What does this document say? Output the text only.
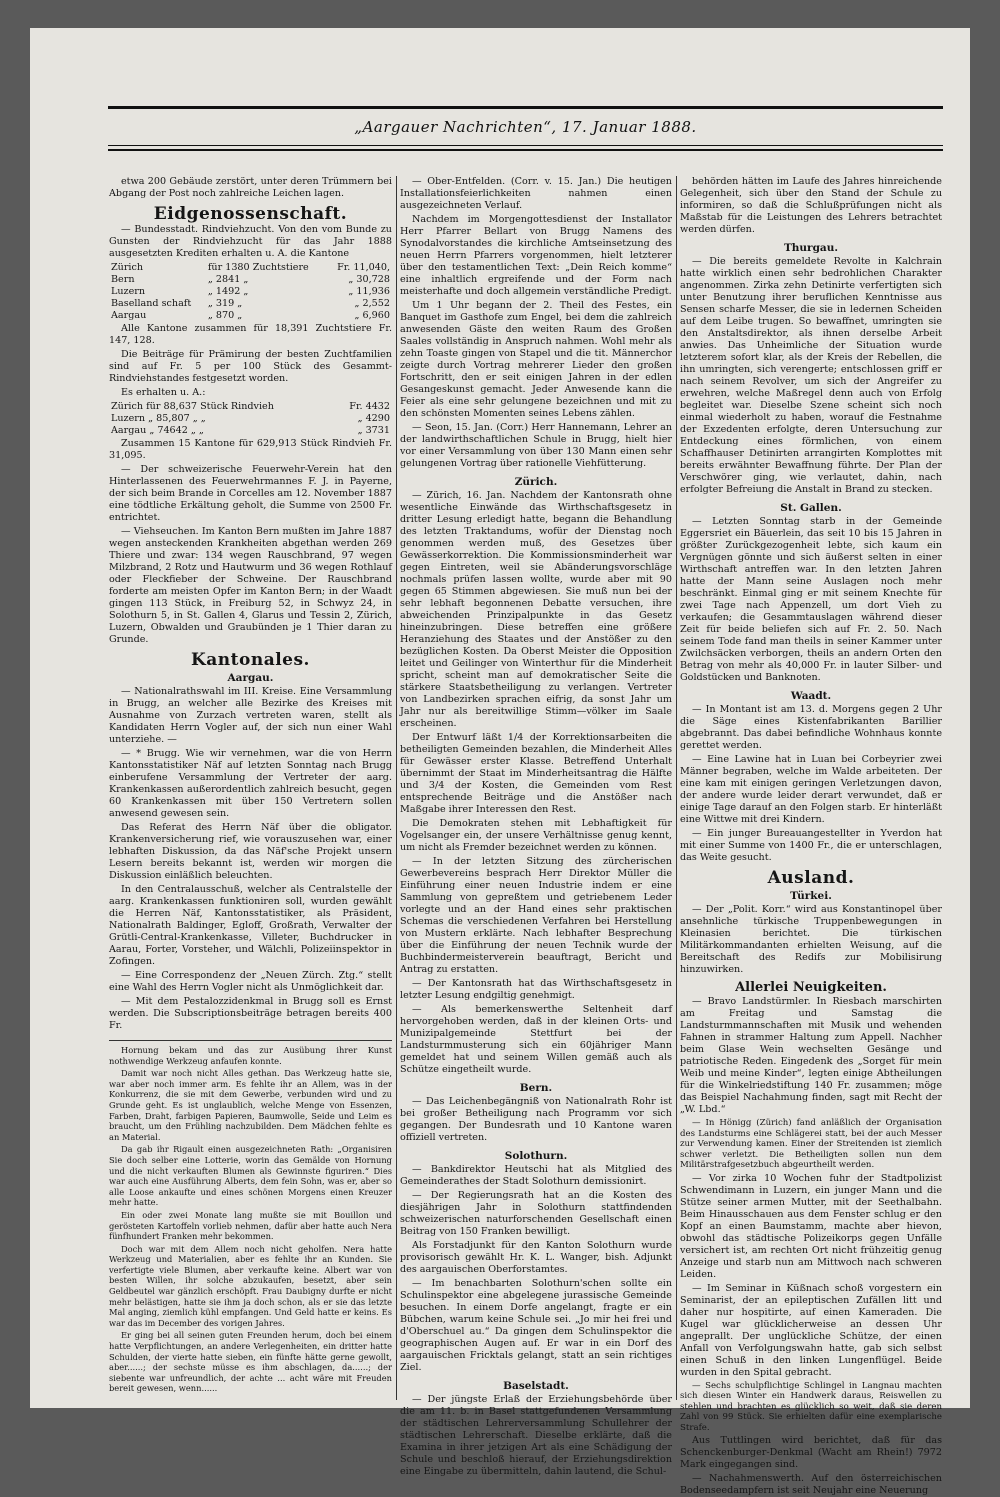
„Aargauer Nachrichten“, 17. Januar 1888.

etwa 200 Gebäude zerstört, unter deren Trümmern bei Abgang der Post noch zahlreiche Leichen lagen.

Eidgenossenschaft.

— Bundesstadt. Rindviehzucht. Von den vom Bunde zu Gunsten der Rindviehzucht für das Jahr 1888 ausgesetzten Krediten erhalten u. A. die Kantone

Zürich	für 1380 Zuchtstiere	Fr. 11,040,
Bern	„ 2841 „	„ 30,728
Luzern	„ 1492 „	„ 11,936
Baselland schaft	„ 319 „	„ 2,552
Aargau	„ 870 „	„ 6,960

Alle Kantone zusammen für 18,391 Zuchtstiere Fr. 147, 128.

Die Beiträge für Prämirung der besten Zuchtfamilien sind auf Fr. 5 per 100 Stück des Gesammt-Rindviehstandes festgesetzt worden.

Es erhalten u. A.:

Zürich für 88,637 Stück Rindvieh	Fr. 4432
Luzern „ 85,807 „ „	„ 4290
Aargau „ 74642 „ „	„ 3731

Zusammen 15 Kantone für 629,913 Stück Rindvieh Fr. 31,095.

— Der schweizerische Feuerwehr-Verein hat den Hinterlassenen des Feuerwehrmannes F. J. in Payerne, der sich beim Brande in Corcelles am 12. November 1887 eine tödtliche Erkältung geholt, die Summe von 2500 Fr. entrichtet.

— Viehseuchen. Im Kanton Bern mußten im Jahre 1887 wegen ansteckenden Krankheiten abgethan werden 269 Thiere und zwar: 134 wegen Rauschbrand, 97 wegen Milzbrand, 2 Rotz und Hautwurm und 36 wegen Rothlauf oder Fleckfieber der Schweine. Der Rauschbrand forderte am meisten Opfer im Kanton Bern; in der Waadt gingen 113 Stück, in Freiburg 52, in Schwyz 24, in Solothurn 5, in St. Gallen 4, Glarus und Tessin 2, Zürich, Luzern, Obwalden und Graubünden je 1 Thier daran zu Grunde.

Kantonales.
Aargau.

— Nationalrathswahl im III. Kreise. Eine Versammlung in Brugg, an welcher alle Bezirke des Kreises mit Ausnahme von Zurzach vertreten waren, stellt als Kandidaten Herrn Vogler auf, der sich nun einer Wahl unterziehe. —

— * Brugg. Wie wir vernehmen, war die von Herrn Kantonsstatistiker Näf auf letzten Sonntag nach Brugg einberufene Versammlung der Vertreter der aarg. Krankenkassen außerordentlich zahlreich besucht, gegen 60 Krankenkassen mit über 150 Vertretern sollen anwesend gewesen sein.

Das Referat des Herrn Näf über die obligator. Krankenversicherung rief, wie vorauszusehen war, einer lebhaften Diskussion, da das Näf'sche Projekt unsern Lesern bereits bekannt ist, werden wir morgen die Diskussion einläßlich beleuchten.

In den Centralausschuß, welcher als Centralstelle der aarg. Krankenkassen funktioniren soll, wurden gewählt die Herren Näf, Kantonsstatistiker, als Präsident, Nationalrath Baldinger, Egloff, Großrath, Verwalter der Grütli-Central-Krankenkasse, Villeter, Buchdrucker in Aarau, Forter, Vorsteher, und Wälchli, Polizeiinspektor in Zofingen.

— Eine Correspondenz der „Neuen Zürch. Ztg.“ stellt eine Wahl des Herrn Vogler nicht als Unmöglichkeit dar.

— Mit dem Pestalozzidenkmal in Brugg soll es Ernst werden. Die Subscriptionsbeiträge betragen bereits 400 Fr.

Hornung bekam und das zur Ausübung ihrer Kunst nothwendige Werkzeug anfaufen konnte.

Damit war noch nicht Alles gethan. Das Werkzeug hatte sie, war aber noch immer arm. Es fehlte ihr an Allem, was in der Konkurrenz, die sie mit dem Gewerbe, verbunden wird und zu Grunde geht. Es ist unglaublich, welche Menge von Essenzen, Farben, Draht, farbigen Papieren, Baumwolle, Seide und Leim es braucht, um den Frühling nachzubilden. Dem Mädchen fehlte es an Material.

Da gab ihr Rigault einen ausgezeichneten Rath: „Organisiren Sie doch selber eine Lotterie, worin das Gemälde von Hornung und die nicht verkauften Blumen als Gewinnste figuriren.“ Dies war auch eine Ausführung Alberts, dem fein Sohn, was er, aber so alle Loose ankaufte und eines schönen Morgens einen Kreuzer mehr hatte.

Ein oder zwei Monate lang mußte sie mit Bouillon und gerösteten Kartoffeln vorlieb nehmen, dafür aber hatte auch Nera fünfhundert Franken mehr bekommen.

Doch war mit dem Allem noch nicht geholfen. Nera hatte Werkzeug und Materialien, aber es fehlte ihr an Kunden. Sie verfertigte viele Blumen, aber verkaufte keine. Albert war von besten Willen, ihr solche abzukaufen, besetzt, aber sein Geldbeutel war gänzlich erschöpft. Frau Daubigny durfte er nicht mehr belästigen, hatte sie ihm ja doch schon, als er sie das letzte Mal anging, ziemlich kühl empfangen. Und Geld hatte er keins. Es war das im December des vorigen Jahres.

Er ging bei all seinen guten Freunden herum, doch bei einem hatte Verpflichtungen, an andere Verlegenheiten, ein dritter hatte Schulden, der vierte hatte sieben, ein fünfte hätte gerne gewollt, aber......; der sechste müsse es ihm abschlagen, da......; der siebente war unfreundlich, der achte ... acht wäre mit Freuden bereit gewesen, wenn......

— Ober-Entfelden. (Corr. v. 15. Jan.) Die heutigen Installationsfeierlichkeiten nahmen einen ausgezeichneten Verlauf.

Nachdem im Morgengottesdienst der Installator Herr Pfarrer Bellart von Brugg Namens des Synodalvorstandes die kirchliche Amtseinsetzung des neuen Herrn Pfarrers vorgenommen, hielt letzterer über den testamentlichen Text: „Dein Reich komme“ eine inhaltlich ergreifende und der Form nach meisterhafte und doch allgemein verständliche Predigt.

Um 1 Uhr begann der 2. Theil des Festes, ein Banquet im Gasthofe zum Engel, bei dem die zahlreich anwesenden Gäste den weiten Raum des Großen Saales vollständig in Anspruch nahmen. Wohl mehr als zehn Toaste gingen von Stapel und die tit. Männerchor zeigte durch Vortrag mehrerer Lieder den großen Fortschritt, den er seit einigen Jahren in der edlen Gesangeskunst gemacht. Jeder Anwesende kann die Feier als eine sehr gelungene bezeichnen und mit zu den schönsten Momenten seines Lebens zählen.

— Seon, 15. Jan. (Corr.) Herr Hannemann, Lehrer an der landwirthschaftlichen Schule in Brugg, hielt hier vor einer Versammlung von über 130 Mann einen sehr gelungenen Vortrag über rationelle Viehfütterung.

Zürich.

— Zürich, 16. Jan. Nachdem der Kantonsrath ohne wesentliche Einwände das Wirthschaftsgesetz in dritter Lesung erledigt hatte, begann die Behandlung des letzten Traktandums, wofür der Dienstag noch genommen werden muß, des Gesetzes über Gewässerkorrektion. Die Kommissionsminderheit war gegen Eintreten, weil sie Abänderungsvorschläge nochmals prüfen lassen wollte, wurde aber mit 90 gegen 65 Stimmen abgewiesen. Sie muß nun bei der sehr lebhaft begonnenen Debatte versuchen, ihre abweichenden Prinzipalpunkte in das Gesetz hineinzubringen. Diese betreffen eine größere Heranziehung des Staates und der Anstößer zu den bezüglichen Kosten. Da Oberst Meister die Opposition leitet und Geilinger von Winterthur für die Minderheit spricht, scheint man auf demokratischer Seite die stärkere Staatsbetheiligung zu verlangen. Vertreter von Landbezirken sprachen eifrig, da sonst Jahr um Jahr nur als bereitwillige Stimm—völker im Saale erscheinen.

Der Entwurf läßt 1/4 der Korrektionsarbeiten die betheiligten Gemeinden bezahlen, die Minderheit Alles für Gewässer erster Klasse. Betreffend Unterhalt übernimmt der Staat im Minderheitsantrag die Hälfte und 3/4 der Kosten, die Gemeinden vom Rest entsprechende Beiträge und die Anstößer nach Maßgabe ihrer Interessen den Rest.

Die Demokraten stehen mit Lebhaftigkeit für Vogelsanger ein, der unsere Verhältnisse genug kennt, um nicht als Fremder bezeichnet werden zu können.

— In der letzten Sitzung des zürcherischen Gewerbevereins besprach Herr Direktor Müller die Einführung einer neuen Industrie indem er eine Sammlung von gepreßtem und getriebenem Leder vorlegte und an der Hand eines sehr praktischen Schemas die verschiedenen Verfahren bei Herstellung von Mustern erklärte. Nach lebhafter Besprechung über die Einführung der neuen Technik wurde der Buchbindermeisterverein beauftragt, Bericht und Antrag zu erstatten.

— Der Kantonsrath hat das Wirthschaftsgesetz in letzter Lesung endgiltig genehmigt.

— Als bemerkenswerthe Seltenheit darf hervorgehoben werden, daß in der kleinen Orts- und Munizipalgemeinde Stettfurt bei der Landsturmmusterung sich ein 60jähriger Mann gemeldet hat und seinem Willen gemäß auch als Schütze eingetheilt wurde.

Bern.

— Das Leichenbegängniß von Nationalrath Rohr ist bei großer Betheiligung nach Programm vor sich gegangen. Der Bundesrath und 10 Kantone waren offiziell vertreten.

Solothurn.

— Bankdirektor Heutschi hat als Mitglied des Gemeinderathes der Stadt Solothurn demissionirt.

— Der Regierungsrath hat an die Kosten des diesjährigen Jahr in Solothurn stattfindenden schweizerischen naturforschenden Gesellschaft einen Beitrag von 150 Franken bewilligt.

Als Forstadjunkt für den Kanton Solothurn wurde provisorisch gewählt Hr. K. L. Wanger, bish. Adjunkt des aargauischen Oberforstamtes.

— Im benachbarten Solothurn'schen sollte ein Schulinspektor eine abgelegene jurassische Gemeinde besuchen. In einem Dorfe angelangt, fragte er ein Bübchen, warum keine Schule sei. „Jo mir hei frei und d'Oberschuel au.“ Da gingen dem Schulinspektor die geographischen Augen auf. Er war in ein Dorf des aargauischen Fricktals gelangt, statt an sein richtiges Ziel.

Baselstadt.

— Der jüngste Erlaß der Erziehungsbehörde über die am 11. b. in Basel stattgefundenen Versammlung der städtischen Lehrerversammlung Schullehrer der städtischen Lehrerschaft. Dieselbe erklärte, daß die Examina in ihrer jetzigen Art als eine Schädigung der Schule und beschloß hierauf, der Erziehungsdirektion eine Eingabe zu übermitteln, dahin lautend, die Schul-

behörden hätten im Laufe des Jahres hinreichende Gelegenheit, sich über den Stand der Schule zu informiren, so daß die Schlußprüfungen nicht als Maßstab für die Leistungen des Lehrers betrachtet werden dürfen.

Thurgau.

— Die bereits gemeldete Revolte in Kalchrain hatte wirklich einen sehr bedrohlichen Charakter angenommen. Zirka zehn Detinirte verfertigten sich unter Benutzung ihrer beruflichen Kenntnisse aus Sensen scharfe Messer, die sie in ledernen Scheiden auf dem Leibe trugen. So bewaffnet, umringten sie den Anstaltsdirektor, als ihnen derselbe Arbeit anwies. Das Unheimliche der Situation wurde letzterem sofort klar, als der Kreis der Rebellen, die ihn umringten, sich verengerte; entschlossen griff er nach seinem Revolver, um sich der Angreifer zu erwehren, welche Maßregel denn auch von Erfolg begleitet war. Dieselbe Szene scheint sich noch einmal wiederholt zu haben, worauf die Festnahme der Exzedenten erfolgte, deren Untersuchung zur Entdeckung eines förmlichen, von einem Schaffhauser Detinirten arrangirten Komplottes mit bereits erwähnter Bewaffnung führte. Der Plan der Verschwörer ging, wie verlautet, dahin, nach erfolgter Befreiung die Anstalt in Brand zu stecken.

St. Gallen.

— Letzten Sonntag starb in der Gemeinde Eggersriet ein Bäuerlein, das seit 10 bis 15 Jahren in größter Zurückgezogenheit lebte, sich kaum ein Vergnügen gönnte und sich äußerst selten in einer Wirthschaft antreffen war. In den letzten Jahren hatte der Mann seine Auslagen noch mehr beschränkt. Einmal ging er mit seinem Knechte für zwei Tage nach Appenzell, um dort Vieh zu verkaufen; die Gesammtauslagen während dieser Zeit für beide beliefen sich auf Fr. 2. 50. Nach seinem Tode fand man theils in seiner Kammer unter Zwilchsäcken verborgen, theils an andern Orten den Betrag von mehr als 40,000 Fr. in lauter Silber- und Goldstücken und Banknoten.

Waadt.

— In Montant ist am 13. d. Morgens gegen 2 Uhr die Säge eines Kistenfabrikanten Barillier abgebrannt. Das dabei befindliche Wohnhaus konnte gerettet werden.

— Eine Lawine hat in Luan bei Corbeyrier zwei Männer begraben, welche im Walde arbeiteten. Der eine kam mit einigen geringen Verletzungen davon, der andere wurde leider derart verwundet, daß er einige Tage darauf an den Folgen starb. Er hinterläßt eine Wittwe mit drei Kindern.

— Ein junger Bureauangestellter in Yverdon hat mit einer Summe von 1400 Fr., die er unterschlagen, das Weite gesucht.

Ausland.
Türkei.

— Der „Polit. Korr.“ wird aus Konstantinopel über ansehnliche türkische Truppenbewegungen in Kleinasien berichtet. Die türkischen Militärkommandanten erhielten Weisung, auf die Bereitschaft des Redifs zur Mobilisirung hinzuwirken.

Allerlei Neuigkeiten.

— Bravo Landstürmler. In Riesbach marschirten am Freitag und Samstag die Landsturmmannschaften mit Musik und wehenden Fahnen in strammer Haltung zum Appell. Nachher beim Glase Wein wechselten Gesänge und patriotische Reden. Eingedenk des „Sorget für mein Weib und meine Kinder“, legten einige Abtheilungen für die Winkelriedstiftung 140 Fr. zusammen; möge das Beispiel Nachahmung finden, sagt mit Recht der „W. Lbd.“

— In Hönigg (Zürich) fand anläßlich der Organisation des Landsturms eine Schlägerei statt, bei der auch Messer zur Verwendung kamen. Einer der Streitenden ist ziemlich schwer verletzt. Die Betheiligten sollen nun dem Militärstrafgesetzbuch abgeurtheilt werden.

— Vor zirka 10 Wochen fuhr der Stadtpolizist Schwendimann in Luzern, ein junger Mann und die Stütze seiner armen Mutter, mit der Seethalbahn. Beim Hinausschauen aus dem Fenster schlug er den Kopf an einen Baumstamm, machte aber hievon, obwohl das städtische Polizeikorps gegen Unfälle versichert ist, am rechten Ort nicht frühzeitig genug Anzeige und starb nun am Mittwoch nach schweren Leiden.

— Im Seminar in Küßnach schoß vorgestern ein Seminarist, der an epileptischen Zufällen litt und daher nur hospitirte, auf einen Kameraden. Die Kugel war glücklicherweise an dessen Uhr angeprallt. Der unglückliche Schütze, der einen Anfall von Verfolgungswahn hatte, gab sich selbst einen Schuß in den linken Lungenflügel. Beide wurden in den Spital gebracht.

— Sechs schulpflichtige Schlingel in Langnau machten sich diesen Winter ein Handwerk daraus, Reiswellen zu stehlen und brachten es glücklich so weit, daß sie deren Zahl von 99 Stück. Sie erhielten dafür eine exemplarische Strafe.

Aus Tuttlingen wird berichtet, daß für das Schenckenburger-Denkmal (Wacht am Rhein!) 7972 Mark eingegangen sind.

— Nachahmenswerth. Auf den österreichischen Bodenseedampfern ist seit Neujahr eine Neuerung
